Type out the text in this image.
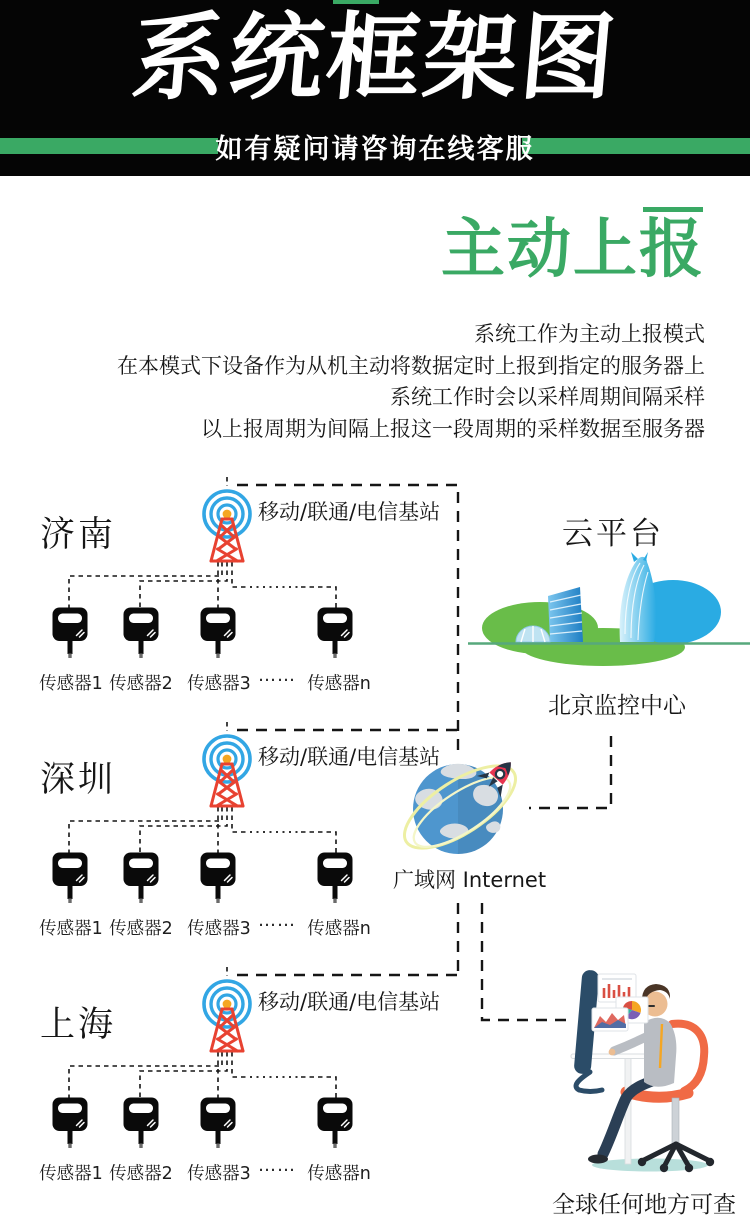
系统框架图
如有疑问请咨询在线客服
主动上报
系统工作为主动上报模式
在本模式下设备作为从机主动将数据定时上报到指定的服务器上
系统工作时会以采样周期间隔采样
以上报周期为间隔上报这一段周期的采样数据至服务器
济南
移动/联通/电信基站
传感器1 传感器2 传感器3 …… 传感器n
深圳
移动/联通/电信基站
传感器1 传感器2 传感器3 …… 传感器n
上海
移动/联通/电信基站
传感器1 传感器2 传感器3 …… 传感器n
云平台
北京监控中心
广域网 Internet
全球任何地方可查
